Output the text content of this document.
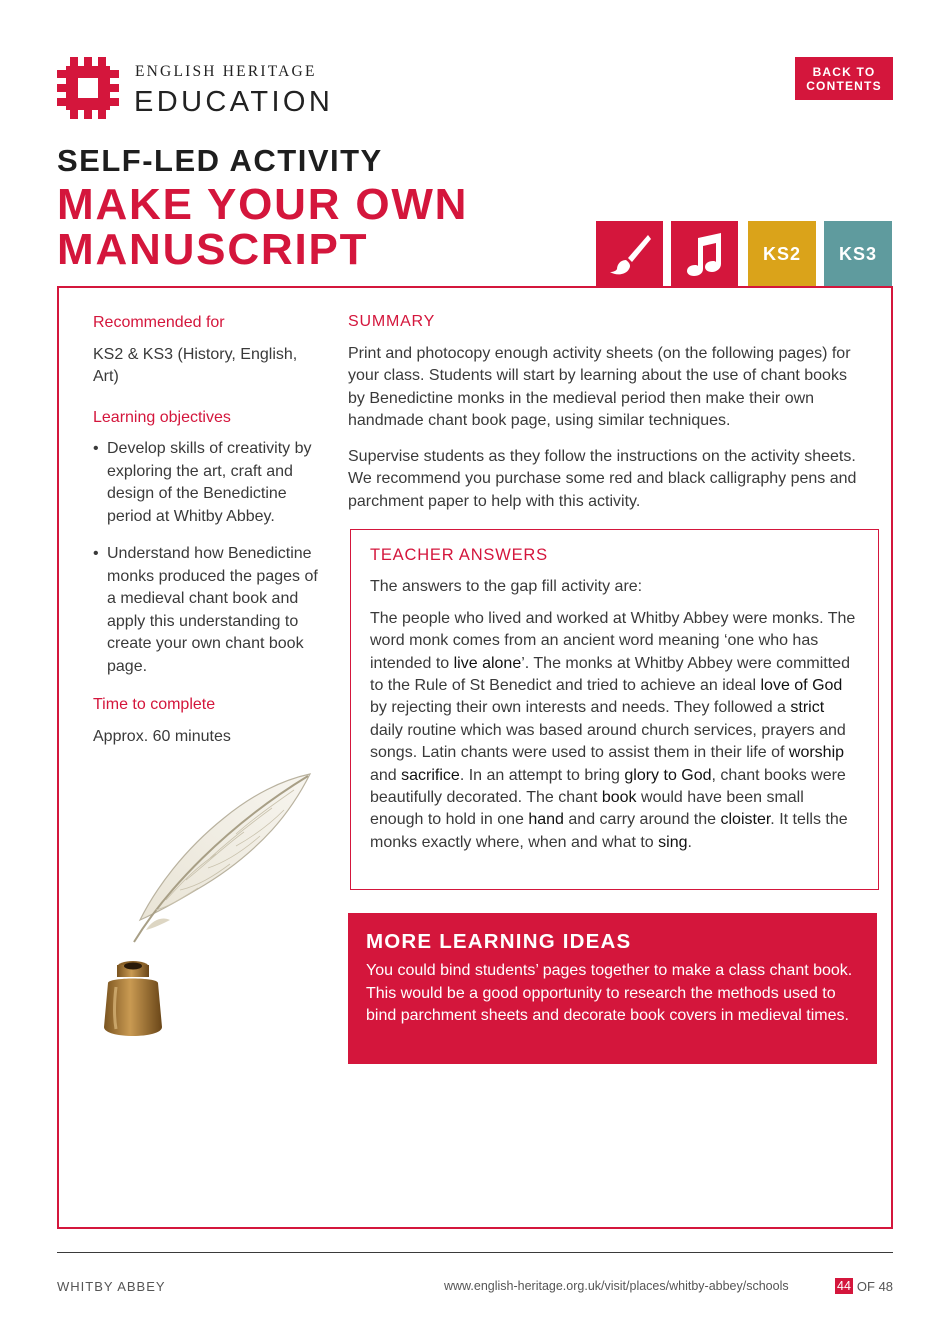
ENGLISH HERITAGE
EDUCATION
BACK TO
CONTENTS
SELF-LED ACTIVITY
MAKE YOUR OWN
MANUSCRIPT	KS2	KS3
Recommended for

KS2 & KS3 (History, English, Art)

Learning objectives
• Develop skills of creativity by exploring the art, craft and design of the Benedictine period at Whitby Abbey.
• Understand how Benedictine monks produced the pages of a medieval chant book and apply this understanding to create your own chant book page.
Time to complete

Approx. 60 minutes

SUMMARY

Print and photocopy enough activity sheets (on the following pages) for your class. Students will start by learning about the use of chant books by Benedictine monks in the medieval period then make their own handmade chant book page, using similar techniques.

Supervise students as they follow the instructions on the activity sheets. We recommend you purchase some red and black calligraphy pens and parchment paper to help with this activity.

TEACHER ANSWERS

The answers to the gap fill activity are:

The people who lived and worked at Whitby Abbey were monks. The word monk comes from an ancient word meaning ‘one who has intended to live alone’. The monks at Whitby Abbey were committed to the Rule of St Benedict and tried to achieve an ideal love of God by rejecting their own interests and needs. They followed a strict daily routine which was based around church services, prayers and songs. Latin chants were used to assist them in their life of worship and sacrifice. In an attempt to bring glory to God, chant books were beautifully decorated. The chant book would have been small enough to hold in one hand and carry around the cloister. It tells the monks exactly where, when and what to sing.

MORE LEARNING IDEAS

You could bind students’ pages together to make a class chant book. This would be a good opportunity to research the methods used to bind parchment sheets and decorate book covers in medieval times.

WHITBY ABBEY	www.english-heritage.org.uk/visit/places/whitby-abbey/schools	44 OF 48
